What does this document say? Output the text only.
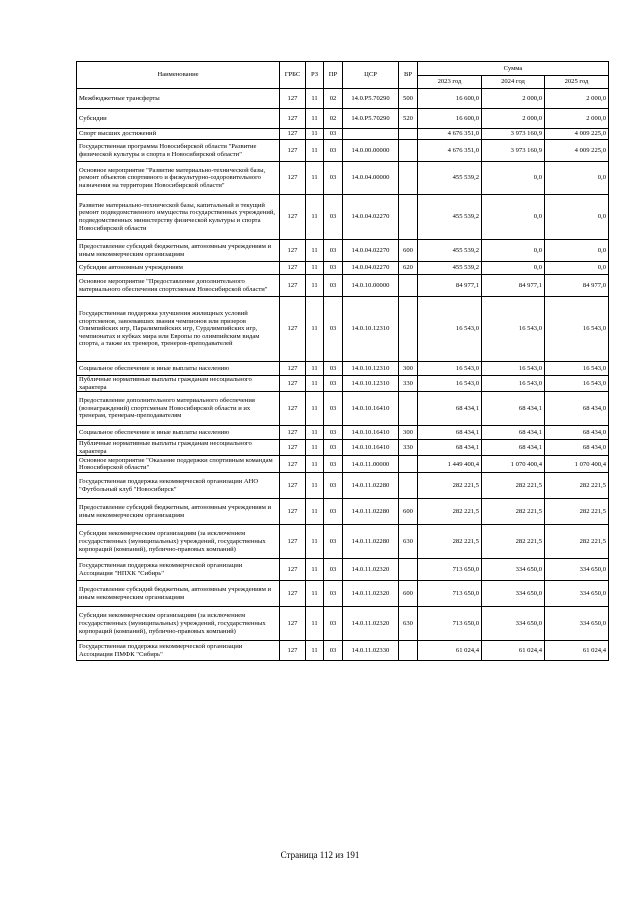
Наименование	ГРБС	РЗ	ПР	ЦСР	ВР	Сумма		
						2023 год	2024 год	2025 год
Межбюджетные трансферты	127	11	02	14.0.P5.70290	500	16 600,0	2 000,0	2 000,0
Субсидии	127	11	02	14.0.P5.70290	520	16 600,0	2 000,0	2 000,0
Спорт высших достижений	127	11	03			4 676 351,0	3 973 160,9	4 009 225,0
Государственная программа Новосибирской области "Развитие физической культуры и спорта в Новосибирской области"	127	11	03	14.0.00.00000		4 676 351,0	3 973 160,9	4 009 225,0
Основное мероприятие "Развитие материально-технической базы, ремонт объектов спортивного и физкультурно-оздоровительного назначения на территории Новосибирской области"	127	11	03	14.0.04.00000		455 539,2	0,0	0,0
Развитие материально-технической базы, капитальный и текущий ремонт подведомственного имущества государственных учреждений, подведомственных министерству физической культуры и спорта Новосибирской области	127	11	03	14.0.04.02270		455 539,2	0,0	0,0
Предоставление субсидий бюджетным, автономным учреждениям и иным некоммерческим организациям	127	11	03	14.0.04.02270	600	455 539,2	0,0	0,0
Субсидии автономным учреждениям	127	11	03	14.0.04.02270	620	455 539,2	0,0	0,0
Основное мероприятие "Предоставление дополнительного материального обеспечения спортсменам Новосибирской области"	127	11	03	14.0.10.00000		84 977,1	84 977,1	84 977,0
Государственная поддержка улучшения жилищных условий спортсменов, завоевавших звания чемпионов или призеров Олимпийских игр, Паралимпийских игр, Сурдлимпийских игр, чемпионатах и кубках мира или Европы по олимпийским видам спорта, а также их тренеров, тренеров-преподавателей	127	11	03	14.0.10.12310		16 543,0	16 543,0	16 543,0
Социальное обеспечение и иные выплаты населению	127	11	03	14.0.10.12310	300	16 543,0	16 543,0	16 543,0
Публичные нормативные выплаты гражданам несоциального характера	127	11	03	14.0.10.12310	330	16 543,0	16 543,0	16 543,0
Предоставление дополнительного материального обеспечения (вознаграждений) спортсменам Новосибирской области и их тренерам, тренерам-преподавателям	127	11	03	14.0.10.16410		68 434,1	68 434,1	68 434,0
Социальное обеспечение и иные выплаты населению	127	11	03	14.0.10.16410	300	68 434,1	68 434,1	68 434,0
Публичные нормативные выплаты гражданам несоциального характера	127	11	03	14.0.10.16410	330	68 434,1	68 434,1	68 434,0
Основное мероприятие "Оказание поддержки спортивным командам Новосибирской области"	127	11	03	14.0.11.00000		1 449 400,4	1 070 400,4	1 070 400,4
Государственная поддержка некоммерческой организации АНО "Футбольный клуб "Новосибирск"	127	11	03	14.0.11.02280		282 221,5	282 221,5	282 221,5
Предоставление субсидий бюджетным, автономным учреждениям и иным некоммерческим организациям	127	11	03	14.0.11.02280	600	282 221,5	282 221,5	282 221,5
Субсидии некоммерческим организациям (за исключением государственных (муниципальных) учреждений, государственных корпораций (компаний), публично-правовых компаний)	127	11	03	14.0.11.02280	630	282 221,5	282 221,5	282 221,5
Государственная поддержка некоммерческой организации Ассоциация "НПХК "Сибирь"	127	11	03	14.0.11.02320		713 650,0	334 650,0	334 650,0
Предоставление субсидий бюджетным, автономным учреждениям и иным некоммерческим организациям	127	11	03	14.0.11.02320	600	713 650,0	334 650,0	334 650,0
Субсидии некоммерческим организациям (за исключением государственных (муниципальных) учреждений, государственных корпораций (компаний), публично-правовых компаний)	127	11	03	14.0.11.02320	630	713 650,0	334 650,0	334 650,0
Государственная поддержка некоммерческой организации Ассоциация ПМФК "Сибирь"	127	11	03	14.0.11.02330		61 024,4	61 024,4	61 024,4
Страница 112 из 191
